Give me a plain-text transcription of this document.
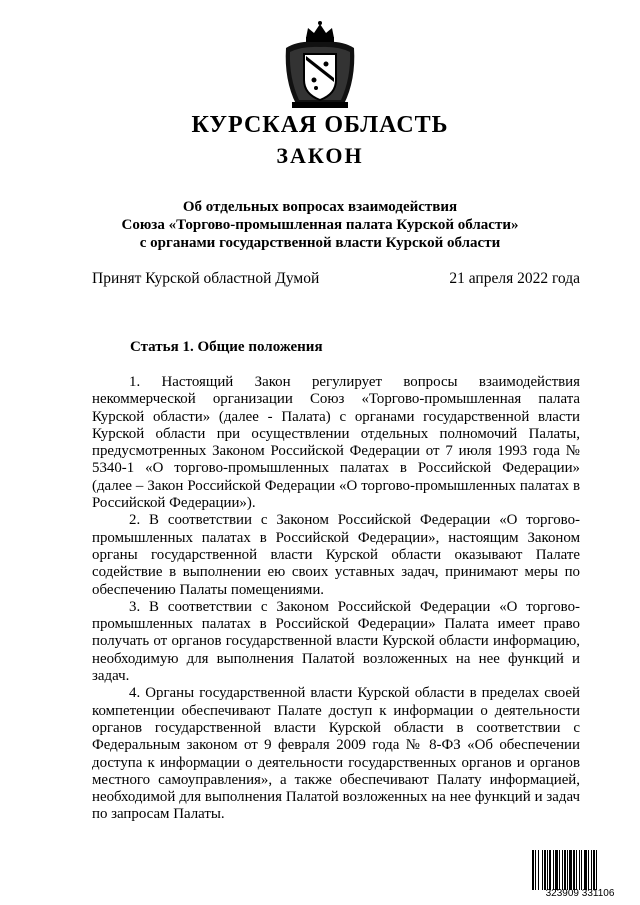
КУРСКАЯ ОБЛАСТЬ
ЗАКОН
Об отдельных вопросах взаимодействия
Союза «Торгово-промышленная палата Курской области»
с органами государственной власти Курской области
Принят Курской областной Думой	21 апреля 2022 года
Статья 1. Общие положения

1. Настоящий Закон регулирует вопросы взаимодействия некоммерческой организации Союз «Торгово-промышленная палата Курской области» (далее - Палата) с органами государственной власти Курской области при осуществлении отдельных полномочий Палаты, предусмотренных Законом Российской Федерации от 7 июля 1993 года № 5340-1 «О торгово-промышленных палатах в Российской Федерации» (далее – Закон Российской Федерации «О торгово-промышленных палатах в Российской Федерации»).

2. В соответствии с Законом Российской Федерации «О торгово-промышленных палатах в Российской Федерации», настоящим Законом органы государственной власти Курской области оказывают Палате содействие в выполнении ею своих уставных задач, принимают меры по обеспечению Палаты помещениями.

3. В соответствии с Законом Российской Федерации «О торгово-промышленных палатах в Российской Федерации» Палата имеет право получать от органов государственной власти Курской области информацию, необходимую для выполнения Палатой возложенных на нее функций и задач.

4. Органы государственной власти Курской области в пределах своей компетенции обеспечивают Палате доступ к информации о деятельности органов государственной власти Курской области в соответствии с Федеральным законом от 9 февраля 2009 года № 8-ФЗ «Об обеспечении доступа к информации о деятельности государственных органов и органов местного самоуправления», а также обеспечивают Палату информацией, необходимой для выполнения Палатой возложенных на нее функций и задач по запросам Палаты.

323909 331106
